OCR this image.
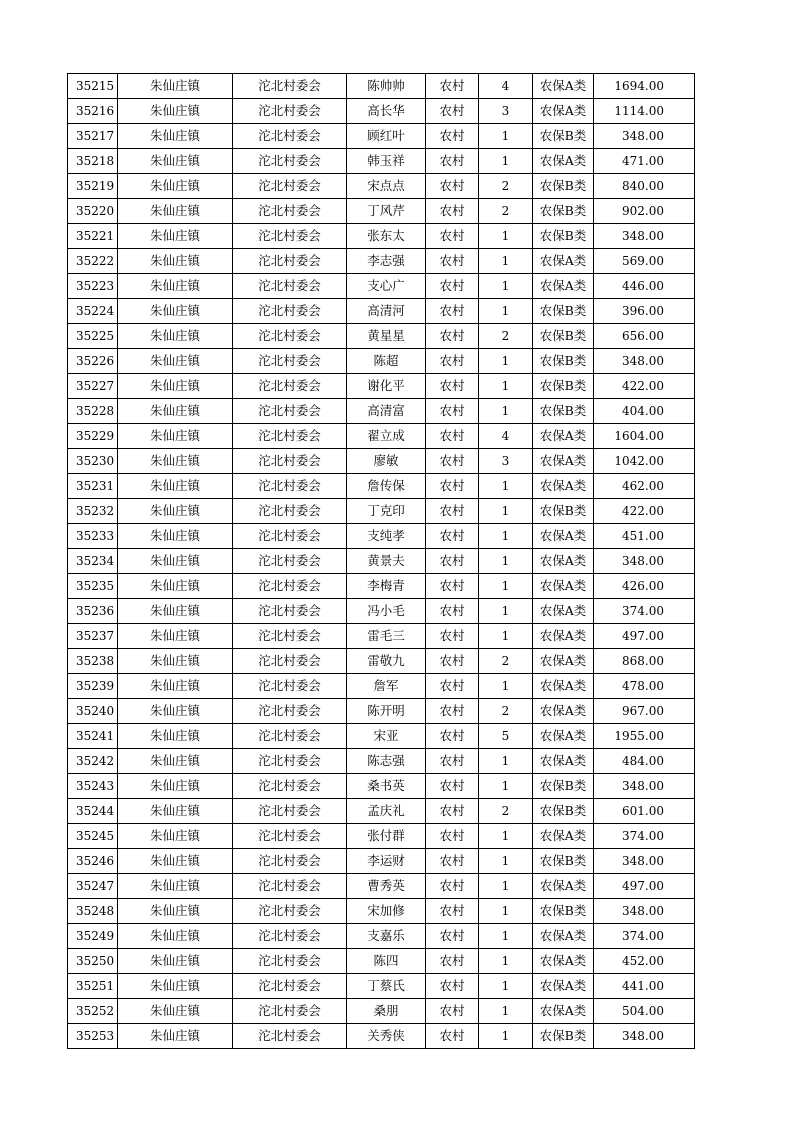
35215	朱仙庄镇	沱北村委会	陈帅帅	农村	4	农保A类	1694.00
35216	朱仙庄镇	沱北村委会	高长华	农村	3	农保A类	1114.00
35217	朱仙庄镇	沱北村委会	顾红叶	农村	1	农保B类	348.00
35218	朱仙庄镇	沱北村委会	韩玉祥	农村	1	农保A类	471.00
35219	朱仙庄镇	沱北村委会	宋点点	农村	2	农保B类	840.00
35220	朱仙庄镇	沱北村委会	丁风芹	农村	2	农保B类	902.00
35221	朱仙庄镇	沱北村委会	张东太	农村	1	农保B类	348.00
35222	朱仙庄镇	沱北村委会	李志强	农村	1	农保A类	569.00
35223	朱仙庄镇	沱北村委会	支心广	农村	1	农保A类	446.00
35224	朱仙庄镇	沱北村委会	高清河	农村	1	农保B类	396.00
35225	朱仙庄镇	沱北村委会	黄星星	农村	2	农保B类	656.00
35226	朱仙庄镇	沱北村委会	陈超	农村	1	农保B类	348.00
35227	朱仙庄镇	沱北村委会	谢化平	农村	1	农保B类	422.00
35228	朱仙庄镇	沱北村委会	高清富	农村	1	农保B类	404.00
35229	朱仙庄镇	沱北村委会	翟立成	农村	4	农保A类	1604.00
35230	朱仙庄镇	沱北村委会	廖敏	农村	3	农保A类	1042.00
35231	朱仙庄镇	沱北村委会	詹传保	农村	1	农保A类	462.00
35232	朱仙庄镇	沱北村委会	丁克印	农村	1	农保B类	422.00
35233	朱仙庄镇	沱北村委会	支纯孝	农村	1	农保A类	451.00
35234	朱仙庄镇	沱北村委会	黄景夫	农村	1	农保A类	348.00
35235	朱仙庄镇	沱北村委会	李梅青	农村	1	农保A类	426.00
35236	朱仙庄镇	沱北村委会	冯小毛	农村	1	农保A类	374.00
35237	朱仙庄镇	沱北村委会	雷毛三	农村	1	农保A类	497.00
35238	朱仙庄镇	沱北村委会	雷敬九	农村	2	农保A类	868.00
35239	朱仙庄镇	沱北村委会	詹军	农村	1	农保A类	478.00
35240	朱仙庄镇	沱北村委会	陈开明	农村	2	农保A类	967.00
35241	朱仙庄镇	沱北村委会	宋亚	农村	5	农保A类	1955.00
35242	朱仙庄镇	沱北村委会	陈志强	农村	1	农保A类	484.00
35243	朱仙庄镇	沱北村委会	桑书英	农村	1	农保B类	348.00
35244	朱仙庄镇	沱北村委会	孟庆礼	农村	2	农保B类	601.00
35245	朱仙庄镇	沱北村委会	张付群	农村	1	农保A类	374.00
35246	朱仙庄镇	沱北村委会	李运财	农村	1	农保B类	348.00
35247	朱仙庄镇	沱北村委会	曹秀英	农村	1	农保A类	497.00
35248	朱仙庄镇	沱北村委会	宋加修	农村	1	农保B类	348.00
35249	朱仙庄镇	沱北村委会	支嘉乐	农村	1	农保A类	374.00
35250	朱仙庄镇	沱北村委会	陈四	农村	1	农保A类	452.00
35251	朱仙庄镇	沱北村委会	丁蔡氏	农村	1	农保A类	441.00
35252	朱仙庄镇	沱北村委会	桑朋	农村	1	农保A类	504.00
35253	朱仙庄镇	沱北村委会	关秀侠	农村	1	农保B类	348.00
